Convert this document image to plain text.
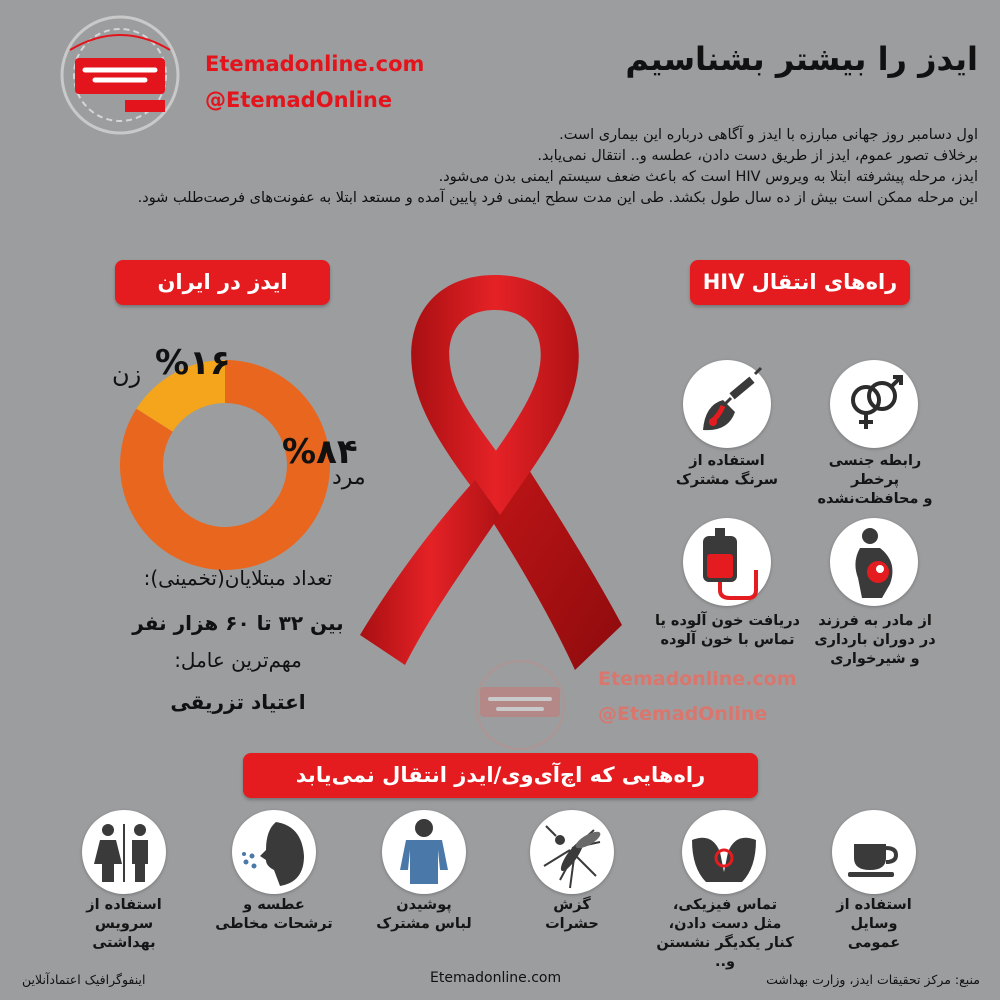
Etemadonline.com
@EtemadOnline
ایدز را بیشتر بشناسیم
اول دسامبر روز جهانی مبارزه با ایدز و آگاهی درباره این بیماری است.
برخلاف تصور عموم، ایدز از طریق دست دادن، عطسه و.. انتقال نمی‌یابد.
ایدز، مرحله پیشرفته ابتلا به ویروس HIV است که باعث ضعف سیستم ایمنی بدن می‌شود.
این مرحله ممکن است بیش از ده سال طول بکشد. طی این مدت سطح ایمنی فرد پایین آمده و مستعد ابتلا به عفونت‌های فرصت‌طلب شود.
ایدز در ایران	راه‌های انتقال HIV
%۱۶
زن
%۸۴
مرد
تعداد مبتلایان(تخمینی):
بین ۳۲ تا ۶۰ هزار نفر
مهم‌ترین عامل:
اعتیاد تزریقی
رابطه جنسی پرخطر
و محافظت‌نشده
استفاده از
سرنگ مشترک
از مادر به فرزند
در دوران بارداری
و شیرخواری
دریافت خون آلوده یا
تماس با خون آلوده
Etemadonline.com
@EtemadOnline
راه‌هایی که اچ‌آی‌وی/ایدز انتقال نمی‌یابد
استفاده از
وسایل
عمومی
تماس فیزیکی،
مثل دست دادن،
کنار یکدیگر نشستن و..
گزش
حشرات
پوشیدن
لباس مشترک
عطسه و
ترشحات مخاطی
استفاده از سرویس
بهداشتی
منبع: مرکز تحقیقات ایدز، وزارت بهداشت
Etemadonline.com
اینفوگرافیک اعتمادآنلاین
